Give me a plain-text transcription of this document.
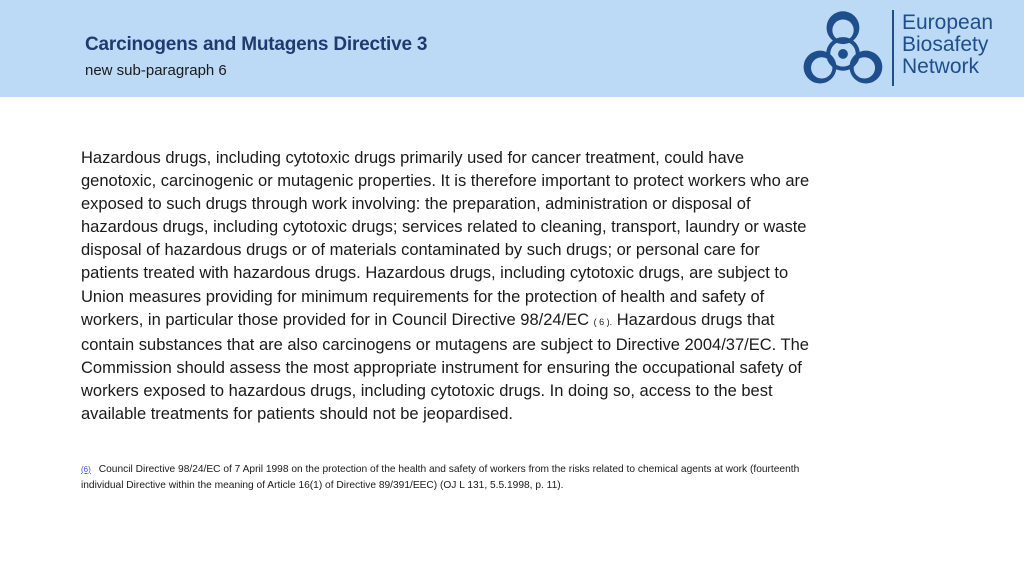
Carcinogens and Mutagens Directive 3
new sub-paragraph 6
European
Biosafety
Network

Hazardous drugs, including cytotoxic drugs primarily used for cancer treatment, could have genotoxic, carcinogenic or mutagenic properties. It is therefore important to protect workers who are exposed to such drugs through work involving: the preparation, administration or disposal of hazardous drugs, including cytotoxic drugs; services related to cleaning, transport, laundry or waste disposal of hazardous drugs or of materials contaminated by such drugs; or personal care for patients treated with hazardous drugs. Hazardous drugs, including cytotoxic drugs, are subject to Union measures providing for minimum requirements for the protection of health and safety of workers, in particular those provided for in Council Directive 98/24/EC ( 6 ). Hazardous drugs that contain substances that are also carcinogens or mutagens are subject to Directive 2004/37/EC. The Commission should assess the most appropriate instrument for ensuring the occupational safety of workers exposed to hazardous drugs, including cytotoxic drugs. In doing so, access to the best available treatments for patients should not be jeopardised.

$^{(6)}$ Council Directive 98/24/EC of 7 April 1998 on the protection of the health and safety of workers from the risks related to chemical agents at work (fourteenth individual Directive within the meaning of Article 16(1) of Directive 89/391/EEC) (OJ L 131, 5.5.1998, p. 11).
